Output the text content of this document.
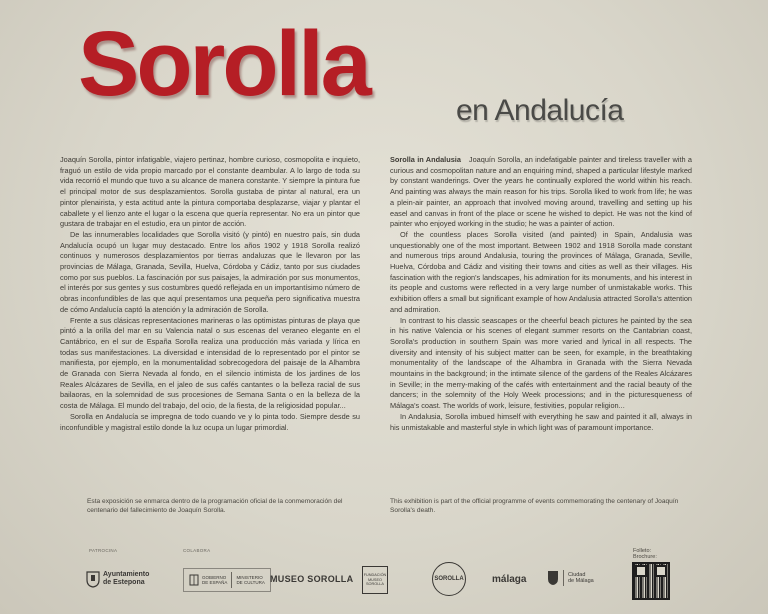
Sorolla	en Andalucía

Joaquín Sorolla, pintor infatigable, viajero pertinaz, hombre curioso, cosmopolita e inquieto, fraguó un estilo de vida propio marcado por el constante deambular. A lo largo de toda su vida recorrió el mundo que tuvo a su alcance de manera constante. Y siempre la pintura fue el principal motor de sus desplazamientos. Sorolla gustaba de pintar al natural, era un pintor plenairista, y esta actitud ante la pintura comportaba desplazarse, viajar y plantar el caballete y el lienzo ante el lugar o la escena que quería representar. No era un pintor que gustara de trabajar en el estudio, era un pintor de acción.

De las innumerables localidades que Sorolla visitó (y pintó) en nuestro país, sin duda Andalucía ocupó un lugar muy destacado. Entre los años 1902 y 1918 Sorolla realizó continuos y numerosos desplazamientos por tierras andaluzas que le llevaron por las provincias de Málaga, Granada, Sevilla, Huelva, Córdoba y Cádiz, tanto por sus ciudades como por sus pueblos. La fascinación por sus paisajes, la admiración por sus monumentos, el interés por sus gentes y sus costumbres quedó reflejada en un importantísimo número de obras inconfundibles de las que aquí presentamos una pequeña pero significativa muestra de cómo Andalucía captó la atención y la admiración de Sorolla.

Frente a sus clásicas representaciones marineras o las optimistas pinturas de playa que pintó a la orilla del mar en su Valencia natal o sus escenas del veraneo elegante en el Cantábrico, en el sur de España Sorolla realiza una producción más variada y lírica en todas sus manifestaciones. La diversidad e intensidad de lo representado por el pintor se manifiesta, por ejemplo, en la monumentalidad sobrecogedora del paisaje de la Alhambra de Granada con Sierra Nevada al fondo, en el silencio intimista de los jardines de los Reales Alcázares de Sevilla, en el jaleo de sus cafés cantantes o la belleza racial de sus bailaoras, en la solemnidad de sus procesiones de Semana Santa o en la belleza de la costa de Málaga. El mundo del trabajo, del ocio, de la fiesta, de la religiosidad popular...

Sorolla en Andalucía se impregna de todo cuando ve y lo pinta todo. Siempre desde su inconfundible y magistral estilo donde la luz ocupa un lugar primordial.

Sorolla in Andalusia Joaquín Sorolla, an indefatigable painter and tireless traveller with a curious and cosmopolitan nature and an enquiring mind, shaped a particular lifestyle marked by constant wanderings. Over the years he continually explored the world within his reach. And painting was always the main reason for his trips. Sorolla liked to work from life; he was a plein-air painter, an approach that involved moving around, travelling and setting up his easel and canvas in front of the place or scene he wished to depict. He was not the kind of painter who enjoyed working in the studio; he was a painter of action.

Of the countless places Sorolla visited (and painted) in Spain, Andalusia was unquestionably one of the most important. Between 1902 and 1918 Sorolla made constant and numerous trips around Andalusia, touring the provinces of Málaga, Granada, Seville, Huelva, Córdoba and Cádiz and visiting their towns and cities as well as their villages. His fascination with the region's landscapes, his admiration for its monuments, and his interest in its people and customs were reflected in a very large number of unmistakable works. This exhibition offers a small but significant example of how Andalusia attracted Sorolla's attention and admiration.

In contrast to his classic seascapes or the cheerful beach pictures he painted by the sea in his native Valencia or his scenes of elegant summer resorts on the Cantabrian coast, Sorolla's production in southern Spain was more varied and lyrical in all respects. The diversity and intensity of his subject matter can be seen, for example, in the breathtaking monumentality of the landscape of the Alhambra in Granada with the Sierra Nevada mountains in the background; in the intimate silence of the gardens of the Reales Alcázares in Seville; in the merry-making of the cafés with entertainment and the racial beauty of the dancers; in the solemnity of the Holy Week processions; and in the picturesqueness of Málaga's coast. The worlds of work, leisure, festivities, popular religion...

In Andalusia, Sorolla imbued himself with everything he saw and painted it all, always in his unmistakable and masterful style in which light was of paramount importance.

Esta exposición se enmarca dentro de la programación oficial de la conmemoración del centenario del fallecimiento de Joaquín Sorolla.
This exhibition is part of the official programme of events commemorating the centenary of Joaquín Sorolla's death.
PATROCINA	COLABORA
Ayuntamiento
de Estepona
GOBIERNO
DE ESPAÑA
MINISTERIO
DE CULTURA MUSEO SOROLLA	FUNDACIÓN
MUSEO
SOROLLA
SOROLLA	málaga	Ciudad
de Málaga
Folleto:
Brochure:
